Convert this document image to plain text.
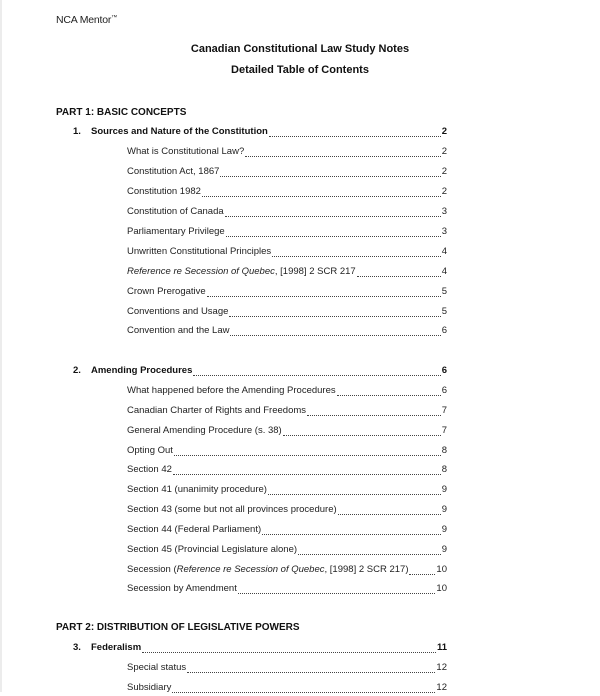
NCA Mentor™
Canadian Constitutional Law Study Notes
Detailed Table of Contents
PART 1: BASIC CONCEPTS
1.	Sources and Nature of the Constitution	2
What is Constitutional Law?	2
Constitution Act, 1867	2
Constitution 1982	2
Constitution of Canada	3
Parliamentary Privilege	3
Unwritten Constitutional Principles	4
Reference re Secession of Quebec, [1998] 2 SCR 217	4
Crown Prerogative	5
Conventions and Usage	5
Convention and the Law	6
2.	Amending Procedures	6
What happened before the Amending Procedures	6
Canadian Charter of Rights and Freedoms	7
General Amending Procedure (s. 38)	7
Opting Out	8
Section 42	8
Section 41 (unanimity procedure)	9
Section 43 (some but not all provinces procedure)	9
Section 44 (Federal Parliament)	9
Section 45 (Provincial Legislature alone)	9
Secession (Reference re Secession of Quebec, [1998] 2 SCR 217)	10
Secession by Amendment	10
PART 2: DISTRIBUTION OF LEGISLATIVE POWERS
3.	Federalism	11
Special status	12
Subsidiary	12
